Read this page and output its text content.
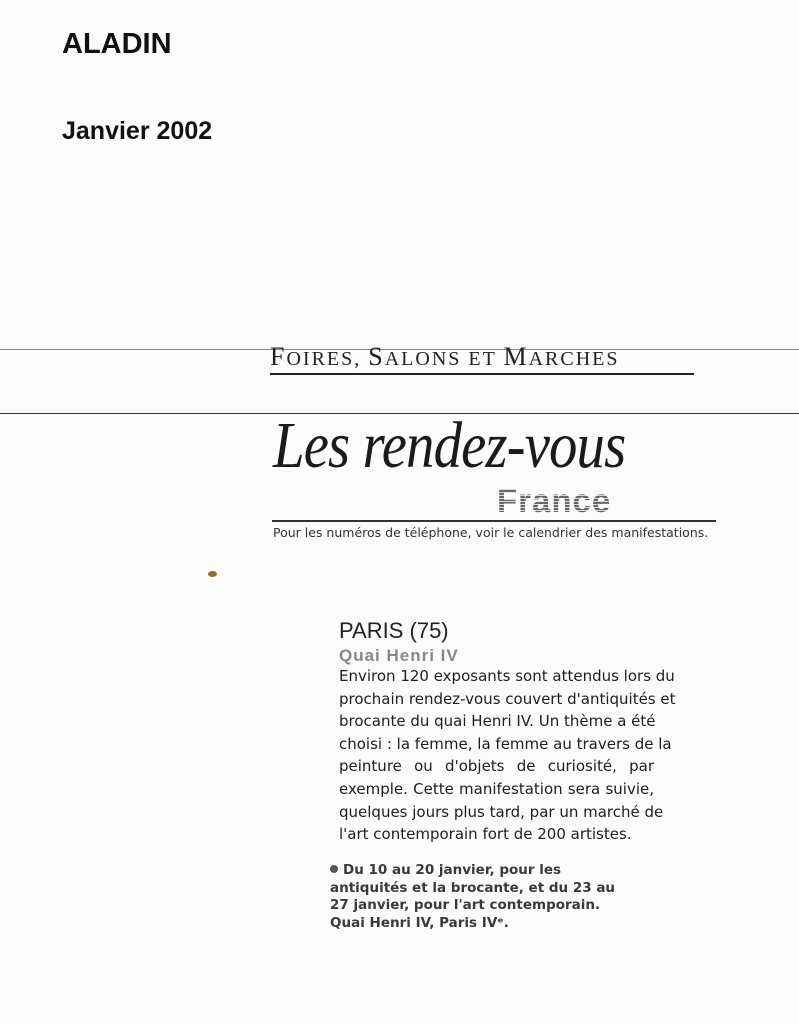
ALADIN
Janvier 2002
FOIRES, SALONS ET MARCHES
Les rendez-vous
France
Pour les numéros de téléphone, voir le calendrier des manifestations.
PARIS (75)
Quai Henri IV
Environ 120 exposants sont attendus lors du
prochain rendez-vous couvert d'antiquités et
brocante du quai Henri IV. Un thème a été
choisi : la femme, la femme au travers de la
peinture ou d'objets de curiosité, par
exemple. Cette manifestation sera suivie,
quelques jours plus tard, par un marché de
l'art contemporain fort de 200 artistes.
Du 10 au 20 janvier, pour les
antiquités et la brocante, et du 23 au
27 janvier, pour l'art contemporain.
Quai Henri IV, Paris IVᵉ.
